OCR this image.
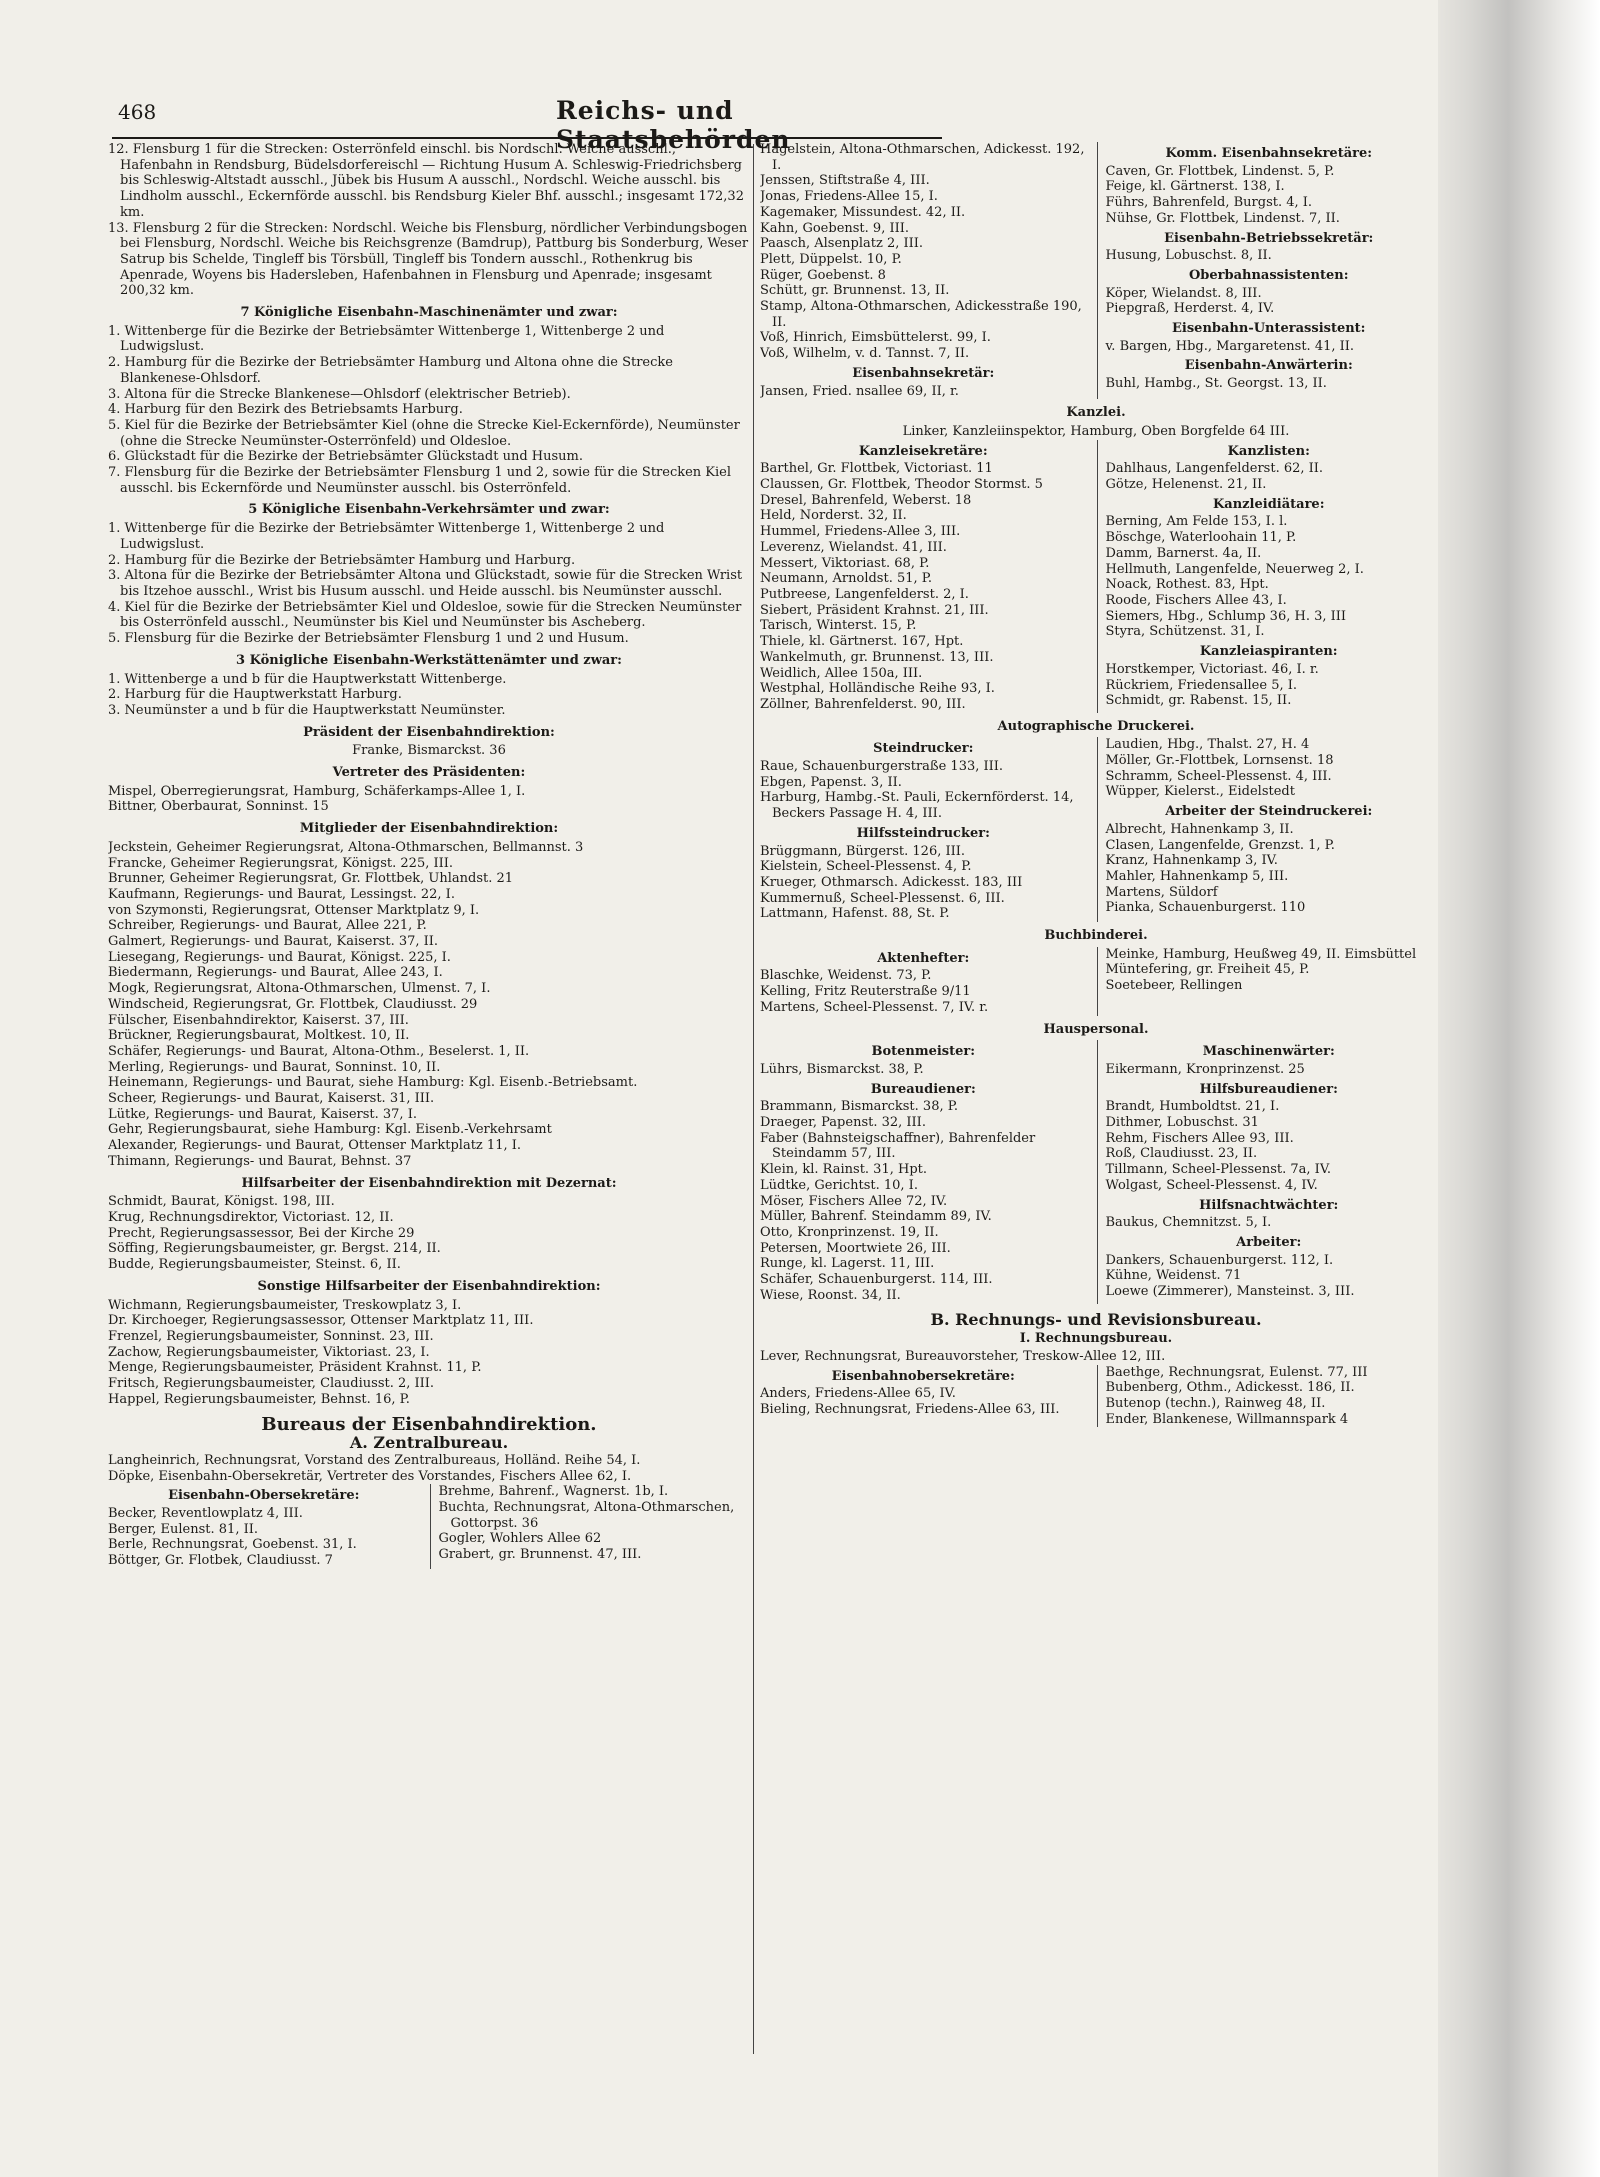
468	Reichs- und Staatsbehörden

12. Flensburg 1 für die Strecken: Osterrönfeld einschl. bis Nordschl. Weiche ausschl., Hafenbahn in Rendsburg, Büdelsdorfereischl — Richtung Husum A. Schleswig-Friedrichsberg bis Schleswig-Altstadt ausschl., Jübek bis Husum A ausschl., Nordschl. Weiche ausschl. bis Lindholm ausschl., Eckernförde ausschl. bis Rendsburg Kieler Bhf. ausschl.; insgesamt 172,32 km.

13. Flensburg 2 für die Strecken: Nordschl. Weiche bis Flensburg, nördlicher Verbindungsbogen bei Flensburg, Nordschl. Weiche bis Reichsgrenze (Bamdrup), Pattburg bis Sonderburg, Weser Satrup bis Schelde, Tingleff bis Törsbüll, Tingleff bis Tondern ausschl., Rothenkrug bis Apenrade, Woyens bis Hadersleben, Hafenbahnen in Flensburg und Apenrade; insgesamt 200,32 km.

7 Königliche Eisenbahn-Maschinenämter und zwar:

1. Wittenberge für die Bezirke der Betriebsämter Wittenberge 1, Wittenberge 2 und Ludwigslust.

2. Hamburg für die Bezirke der Betriebsämter Hamburg und Altona ohne die Strecke Blankenese-Ohlsdorf.

3. Altona für die Strecke Blankenese—Ohlsdorf (elektrischer Betrieb).

4. Harburg für den Bezirk des Betriebsamts Harburg.

5. Kiel für die Bezirke der Betriebsämter Kiel (ohne die Strecke Kiel-Eckernförde), Neumünster (ohne die Strecke Neumünster-Osterrönfeld) und Oldesloe.

6. Glückstadt für die Bezirke der Betriebsämter Glückstadt und Husum.

7. Flensburg für die Bezirke der Betriebsämter Flensburg 1 und 2, sowie für die Strecken Kiel ausschl. bis Eckernförde und Neumünster ausschl. bis Osterrönfeld.

5 Königliche Eisenbahn-Verkehrsämter und zwar:

1. Wittenberge für die Bezirke der Betriebsämter Wittenberge 1, Wittenberge 2 und Ludwigslust.

2. Hamburg für die Bezirke der Betriebsämter Hamburg und Harburg.

3. Altona für die Bezirke der Betriebsämter Altona und Glückstadt, sowie für die Strecken Wrist bis Itzehoe ausschl., Wrist bis Husum ausschl. und Heide ausschl. bis Neumünster ausschl.

4. Kiel für die Bezirke der Betriebsämter Kiel und Oldesloe, sowie für die Strecken Neumünster bis Osterrönfeld ausschl., Neumünster bis Kiel und Neumünster bis Ascheberg.

5. Flensburg für die Bezirke der Betriebsämter Flensburg 1 und 2 und Husum.

3 Königliche Eisenbahn-Werkstättenämter und zwar:

1. Wittenberge a und b für die Hauptwerkstatt Wittenberge.

2. Harburg für die Hauptwerkstatt Harburg.

3. Neumünster a und b für die Hauptwerkstatt Neumünster.

Präsident der Eisenbahndirektion:

Franke, Bismarckst. 36

Vertreter des Präsidenten:

Mispel, Oberregierungsrat, Hamburg, Schäferkamps-Allee 1, I.

Bittner, Oberbaurat, Sonninst. 15

Mitglieder der Eisenbahndirektion:

Jeckstein, Geheimer Regierungsrat, Altona-Othmarschen, Bellmannst. 3

Francke, Geheimer Regierungsrat, Königst. 225, III.

Brunner, Geheimer Regierungsrat, Gr. Flottbek, Uhlandst. 21

Kaufmann, Regierungs- und Baurat, Lessingst. 22, I.

von Szymonsti, Regierungsrat, Ottenser Marktplatz 9, I.

Schreiber, Regierungs- und Baurat, Allee 221, P.

Galmert, Regierungs- und Baurat, Kaiserst. 37, II.

Liesegang, Regierungs- und Baurat, Königst. 225, I.

Biedermann, Regierungs- und Baurat, Allee 243, I.

Mogk, Regierungsrat, Altona-Othmarschen, Ulmenst. 7, I.

Windscheid, Regierungsrat, Gr. Flottbek, Claudiusst. 29

Fülscher, Eisenbahndirektor, Kaiserst. 37, III.

Brückner, Regierungsbaurat, Moltkest. 10, II.

Schäfer, Regierungs- und Baurat, Altona-Othm., Beselerst. 1, II.

Merling, Regierungs- und Baurat, Sonninst. 10, II.

Heinemann, Regierungs- und Baurat, siehe Hamburg: Kgl. Eisenb.-Betriebsamt.

Scheer, Regierungs- und Baurat, Kaiserst. 31, III.

Lütke, Regierungs- und Baurat, Kaiserst. 37, I.

Gehr, Regierungsbaurat, siehe Hamburg: Kgl. Eisenb.-Verkehrsamt

Alexander, Regierungs- und Baurat, Ottenser Marktplatz 11, I.

Thimann, Regierungs- und Baurat, Behnst. 37

Hilfsarbeiter der Eisenbahndirektion mit Dezernat:

Schmidt, Baurat, Königst. 198, III.

Krug, Rechnungsdirektor, Victoriast. 12, II.

Precht, Regierungsassessor, Bei der Kirche 29

Söffing, Regierungsbaumeister, gr. Bergst. 214, II.

Budde, Regierungsbaumeister, Steinst. 6, II.

Sonstige Hilfsarbeiter der Eisenbahndirektion:

Wichmann, Regierungsbaumeister, Treskowplatz 3, I.

Dr. Kirchoeger, Regierungsassessor, Ottenser Marktplatz 11, III.

Frenzel, Regierungsbaumeister, Sonninst. 23, III.

Zachow, Regierungsbaumeister, Viktoriast. 23, I.

Menge, Regierungsbaumeister, Präsident Krahnst. 11, P.

Fritsch, Regierungsbaumeister, Claudiusst. 2, III.

Happel, Regierungsbaumeister, Behnst. 16, P.

Bureaus der Eisenbahndirektion.
A. Zentralbureau.

Langheinrich, Rechnungsrat, Vorstand des Zentralbureaus, Holländ. Reihe 54, I.

Döpke, Eisenbahn-Obersekretär, Vertreter des Vorstandes, Fischers Allee 62, I.

Eisenbahn-Obersekretäre:

Becker, Reventlowplatz 4, III.

Berger, Eulenst. 81, II.

Berle, Rechnungsrat, Goebenst. 31, I.

Böttger, Gr. Flotbek, Claudiusst. 7

Brehme, Bahrenf., Wagnerst. 1b, I.

Buchta, Rechnungsrat, Altona-Othmarschen, Gottorpst. 36

Gogler, Wohlers Allee 62

Grabert, gr. Brunnenst. 47, III.

Hagelstein, Altona-Othmarschen, Adickesst. 192, I.

Jenssen, Stiftstraße 4, III.

Jonas, Friedens-Allee 15, I.

Kagemaker, Missundest. 42, II.

Kahn, Goebenst. 9, III.

Paasch, Alsenplatz 2, III.

Plett, Düppelst. 10, P.

Rüger, Goebenst. 8

Schütt, gr. Brunnenst. 13, II.

Stamp, Altona-Othmarschen, Adickesstraße 190, II.

Voß, Hinrich, Eimsbüttelerst. 99, I.

Voß, Wilhelm, v. d. Tannst. 7, II.

Eisenbahnsekretär:

Jansen, Fried. nsallee 69, II, r.

Komm. Eisenbahnsekretäre:

Caven, Gr. Flottbek, Lindenst. 5, P.

Feige, kl. Gärtnerst. 138, I.

Führs, Bahrenfeld, Burgst. 4, I.

Nühse, Gr. Flottbek, Lindenst. 7, II.

Eisenbahn-Betriebssekretär:

Husung, Lobuschst. 8, II.

Oberbahnassistenten:

Köper, Wielandst. 8, III.

Piepgraß, Herderst. 4, IV.

Eisenbahn-Unterassistent:

v. Bargen, Hbg., Margaretenst. 41, II.

Eisenbahn-Anwärterin:

Buhl, Hambg., St. Georgst. 13, II.

Kanzlei.

Linker, Kanzleiinspektor, Hamburg, Oben Borgfelde 64 III.

Kanzleisekretäre:

Barthel, Gr. Flottbek, Victoriast. 11

Claussen, Gr. Flottbek, Theodor Stormst. 5

Dresel, Bahrenfeld, Weberst. 18

Held, Norderst. 32, II.

Hummel, Friedens-Allee 3, III.

Leverenz, Wielandst. 41, III.

Messert, Viktoriast. 68, P.

Neumann, Arnoldst. 51, P.

Putbreese, Langenfelderst. 2, I.

Siebert, Präsident Krahnst. 21, III.

Tarisch, Winterst. 15, P.

Thiele, kl. Gärtnerst. 167, Hpt.

Wankelmuth, gr. Brunnenst. 13, III.

Weidlich, Allee 150a, III.

Westphal, Holländische Reihe 93, I.

Zöllner, Bahrenfelderst. 90, III.

Kanzlisten:

Dahlhaus, Langenfelderst. 62, II.

Götze, Helenenst. 21, II.

Kanzleidiätare:

Berning, Am Felde 153, I. l.

Böschge, Waterloohain 11, P.

Damm, Barnerst. 4a, II.

Hellmuth, Langenfelde, Neuerweg 2, I.

Noack, Rothest. 83, Hpt.

Roode, Fischers Allee 43, I.

Siemers, Hbg., Schlump 36, H. 3, III

Styra, Schützenst. 31, I.

Kanzleiaspiranten:

Horstkemper, Victoriast. 46, I. r.

Rückriem, Friedensallee 5, I.

Schmidt, gr. Rabenst. 15, II.

Autographische Druckerei.
Steindrucker:

Raue, Schauenburgerstraße 133, III.

Ebgen, Papenst. 3, II.

Harburg, Hambg.-St. Pauli, Eckernförderst. 14, Beckers Passage H. 4, III.

Hilfssteindrucker:

Brüggmann, Bürgerst. 126, III.

Kielstein, Scheel-Plessenst. 4, P.

Krueger, Othmarsch. Adickesst. 183, III

Kummernuß, Scheel-Plessenst. 6, III.

Lattmann, Hafenst. 88, St. P.

Laudien, Hbg., Thalst. 27, H. 4

Möller, Gr.-Flottbek, Lornsenst. 18

Schramm, Scheel-Plessenst. 4, III.

Wüpper, Kielerst., Eidelstedt

Arbeiter der Steindruckerei:

Albrecht, Hahnenkamp 3, II.

Clasen, Langenfelde, Grenzst. 1, P.

Kranz, Hahnenkamp 3, IV.

Mahler, Hahnenkamp 5, III.

Martens, Süldorf

Pianka, Schauenburgerst. 110

Buchbinderei.
Aktenhefter:

Blaschke, Weidenst. 73, P.

Kelling, Fritz Reuterstraße 9/11

Martens, Scheel-Plessenst. 7, IV. r.

Meinke, Hamburg, Heußweg 49, II. Eimsbüttel

Müntefering, gr. Freiheit 45, P.

Soetebeer, Rellingen

Hauspersonal.
Botenmeister:

Lührs, Bismarckst. 38, P.

Bureaudiener:

Brammann, Bismarckst. 38, P.

Draeger, Papenst. 32, III.

Faber (Bahnsteigschaffner), Bahrenfelder Steindamm 57, III.

Klein, kl. Rainst. 31, Hpt.

Lüdtke, Gerichtst. 10, I.

Möser, Fischers Allee 72, IV.

Müller, Bahrenf. Steindamm 89, IV.

Otto, Kronprinzenst. 19, II.

Petersen, Moortwiete 26, III.

Runge, kl. Lagerst. 11, III.

Schäfer, Schauenburgerst. 114, III.

Wiese, Roonst. 34, II.

Maschinenwärter:

Eikermann, Kronprinzenst. 25

Hilfsbureaudiener:

Brandt, Humboldtst. 21, I.

Dithmer, Lobuschst. 31

Rehm, Fischers Allee 93, III.

Roß, Claudiusst. 23, II.

Tillmann, Scheel-Plessenst. 7a, IV.

Wolgast, Scheel-Plessenst. 4, IV.

Hilfsnachtwächter:

Baukus, Chemnitzst. 5, I.

Arbeiter:

Dankers, Schauenburgerst. 112, I.

Kühne, Weidenst. 71

Loewe (Zimmerer), Mansteinst. 3, III.

B. Rechnungs- und Revisionsbureau.
I. Rechnungsbureau.

Lever, Rechnungsrat, Bureauvorsteher, Treskow-Allee 12, III.

Eisenbahnobersekretäre:

Anders, Friedens-Allee 65, IV.

Bieling, Rechnungsrat, Friedens-Allee 63, III.

Baethge, Rechnungsrat, Eulenst. 77, III

Bubenberg, Othm., Adickesst. 186, II.

Butenop (techn.), Rainweg 48, II.

Ender, Blankenese, Willmannspark 4
